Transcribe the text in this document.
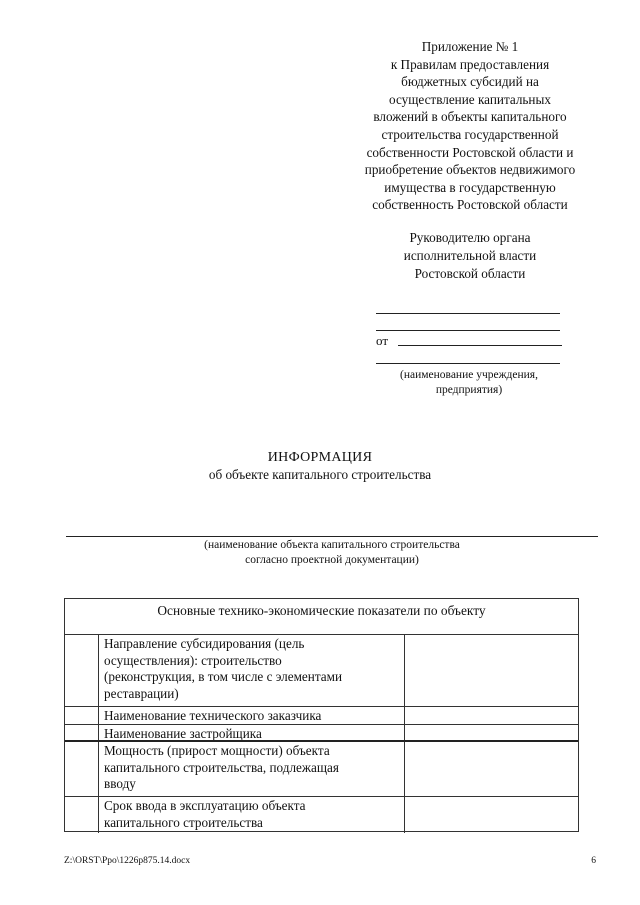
Приложение № 1
к Правилам предоставления
бюджетных субсидий на
осуществление капитальных
вложений в объекты капитального
строительства государственной
собственности Ростовской области и
приобретение объектов недвижимого
имущества в государственную
собственность Ростовской области
Руководителю органа
исполнительной власти
Ростовской области
от
(наименование учреждения,
предприятия)
ИНФОРМАЦИЯ
об объекте капитального строительства
(наименование объекта капитального строительства
согласно проектной документации)
Основные технико-экономические показатели по объекту
Направление субсидирования (цель
осуществления): строительство
(реконструкция, в том числе с элементами
реставрации)
Наименование технического заказчика
Наименование застройщика
Мощность (прирост мощности) объекта
капитального строительства, подлежащая
вводу
Срок ввода в эксплуатацию объекта
капитального строительства
Z:\ORST\Ppo\1226p875.14.docx	6
